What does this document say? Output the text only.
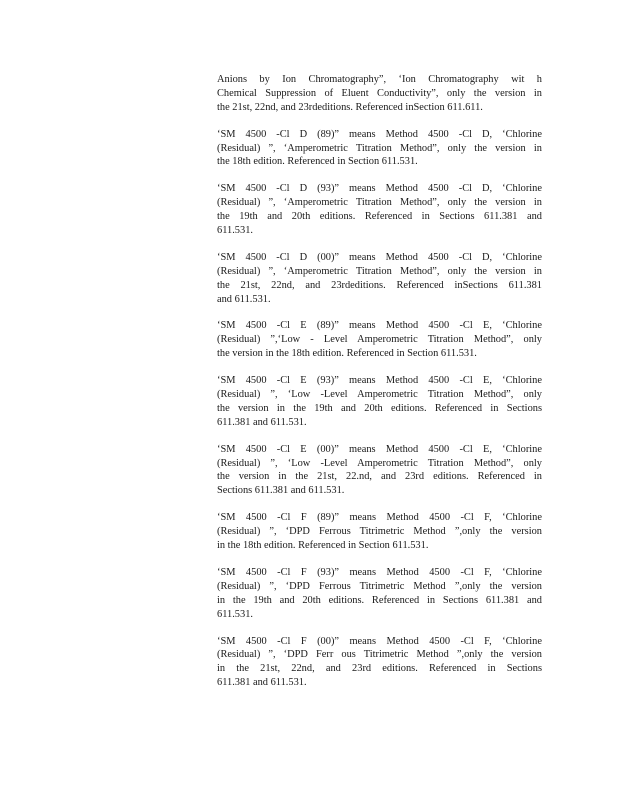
Anions by Ion Chromatography”, ‘Ion Chromatography wit h
Chemical Suppression of Eluent Conductivity”, only the version in
the 21st, 22nd, and 23rdeditions. Referenced inSection 611.611.
‘SM 4500 -Cl D (89)” means Method 4500 -Cl D, ‘Chlorine
(Residual) ”, ‘Amperometric Titration Method”, only the version in
the 18th edition. Referenced in Section 611.531.
‘SM 4500 -Cl D (93)” means Method 4500 -Cl D, ‘Chlorine
(Residual) ”, ‘Amperometric Titration Method”, only the version in
the 19th and 20th editions. Referenced in Sections 611.381 and
611.531.
‘SM 4500 -Cl D (00)” means Method 4500 -Cl D, ‘Chlorine
(Residual) ”, ‘Amperometric Titration Method”, only the version in
the 21st, 22nd, and 23rdeditions. Referenced inSections 611.381
and 611.531.
‘SM 4500 -Cl E (89)” means Method 4500 -Cl E, ‘Chlorine
(Residual) ”,‘Low - Level Amperometric Titration Method”, only
the version in the 18th edition. Referenced in Section 611.531.
‘SM 4500 -Cl E (93)” means Method 4500 -Cl E, ‘Chlorine
(Residual) ”, ‘Low -Level Amperometric Titration Method”, only
the version in the 19th and 20th editions. Referenced in Sections
611.381 and 611.531.
‘SM 4500 -Cl E (00)” means Method 4500 -Cl E, ‘Chlorine
(Residual) ”, ‘Low -Level Amperometric Titration Method”, only
the version in the 21st, 22.nd, and 23rd editions. Referenced in
Sections 611.381 and 611.531.
‘SM 4500 -Cl F (89)” means Method 4500 -Cl F, ‘Chlorine
(Residual) ”, ‘DPD Ferrous Titrimetric Method ”,only the version
in the 18th edition. Referenced in Section 611.531.
‘SM 4500 -Cl F (93)” means Method 4500 -Cl F, ‘Chlorine
(Residual) ”, ‘DPD Ferrous Titrimetric Method ”,only the version
in the 19th and 20th editions. Referenced in Sections 611.381 and
611.531.
‘SM 4500 -Cl F (00)” means Method 4500 -Cl F, ‘Chlorine
(Residual) ”, ‘DPD Ferr ous Titrimetric Method ”,only the version
in the 21st, 22nd, and 23rd editions. Referenced in Sections
611.381 and 611.531.
